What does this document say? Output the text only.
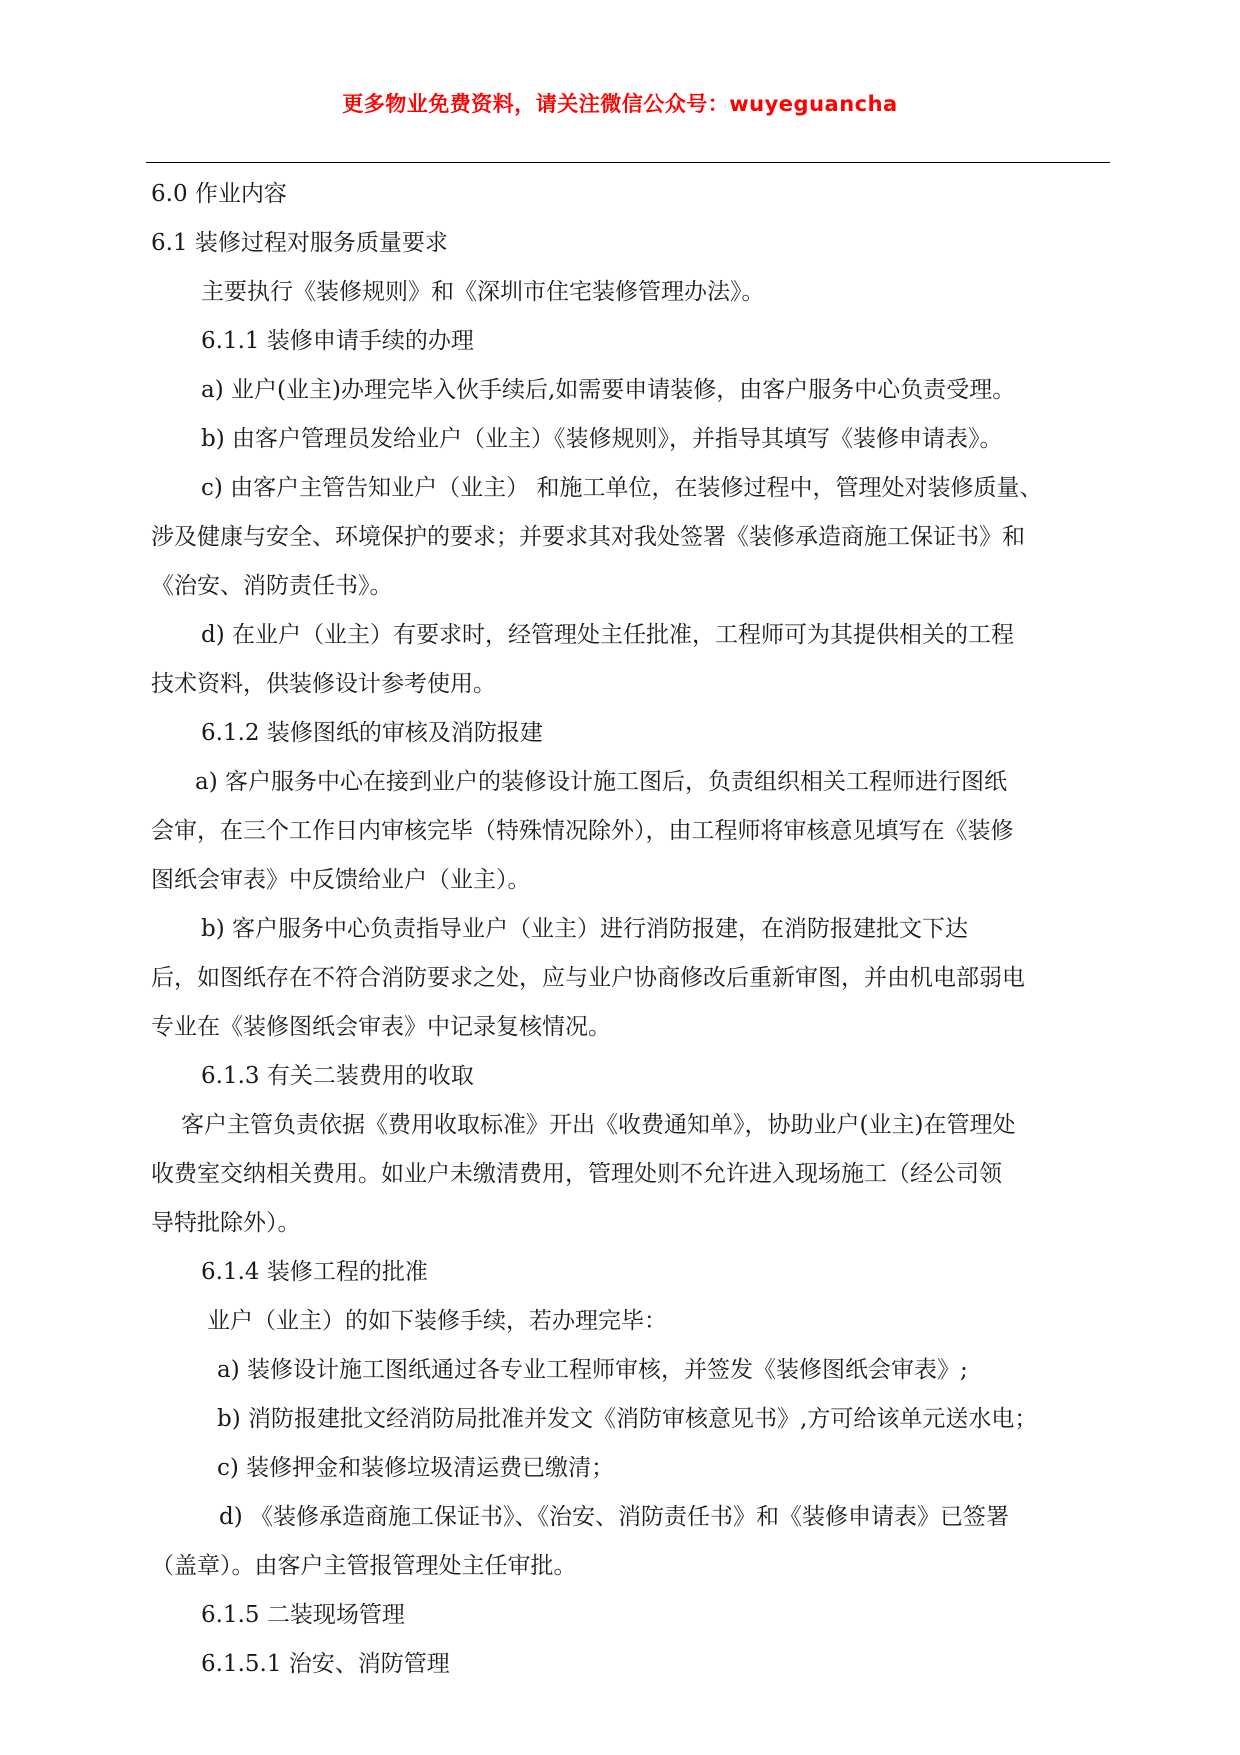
更多物业免费资料，请关注微信公众号：wuyeguancha
6.0 作业内容
6.1 装修过程对服务质量要求
主要执行《装修规则》和《深圳市住宅装修管理办法》。
6.1.1 装修申请手续的办理
a) 业户(业主)办理完毕入伙手续后,如需要申请装修，由客户服务中心负责受理。
b) 由客户管理员发给业户（业主）《装修规则》，并指导其填写《装修申请表》。
c) 由客户主管告知业户（业主） 和施工单位，在装修过程中，管理处对装修质量、
涉及健康与安全、环境保护的要求；并要求其对我处签署《装修承造商施工保证书》和
《治安、消防责任书》。
d) 在业户（业主）有要求时，经管理处主任批准，工程师可为其提供相关的工程
技术资料，供装修设计参考使用。
6.1.2 装修图纸的审核及消防报建
a) 客户服务中心在接到业户的装修设计施工图后，负责组织相关工程师进行图纸
会审，在三个工作日内审核完毕（特殊情况除外），由工程师将审核意见填写在《装修
图纸会审表》中反馈给业户（业主）。
b) 客户服务中心负责指导业户（业主）进行消防报建，在消防报建批文下达
后，如图纸存在不符合消防要求之处，应与业户协商修改后重新审图，并由机电部弱电
专业在《装修图纸会审表》中记录复核情况。
6.1.3 有关二装费用的收取
客户主管负责依据《费用收取标准》开出《收费通知单》，协助业户(业主)在管理处
收费室交纳相关费用。如业户未缴清费用，管理处则不允许进入现场施工（经公司领
导特批除外）。
6.1.4 装修工程的批准
业户（业主）的如下装修手续，若办理完毕：
a) 装修设计施工图纸通过各专业工程师审核，并签发《装修图纸会审表》;
b) 消防报建批文经消防局批准并发文《消防审核意见书》,方可给该单元送水电；
c) 装修押金和装修垃圾清运费已缴清；
d) 《装修承造商施工保证书》、《治安、消防责任书》和《装修申请表》已签署
（盖章）。由客户主管报管理处主任审批。
6.1.5 二装现场管理
6.1.5.1 治安、消防管理
